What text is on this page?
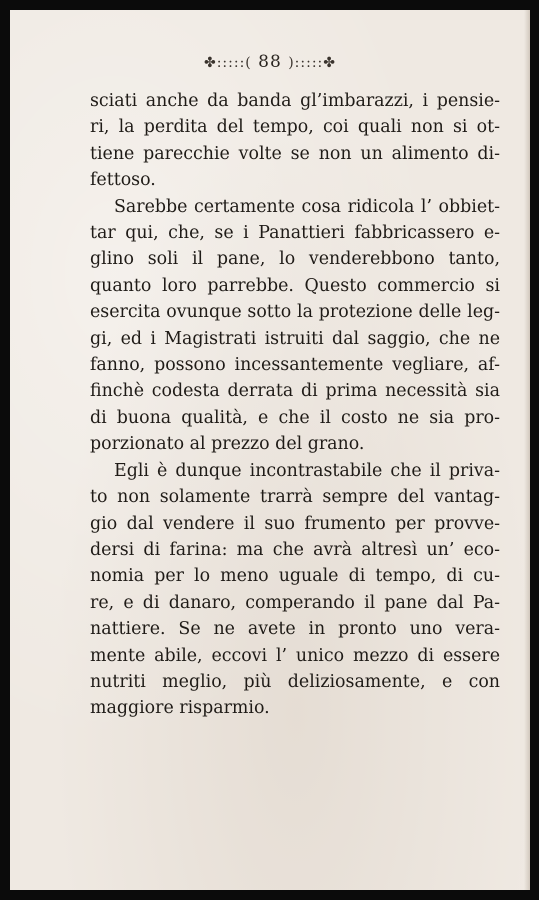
✤:::::( 88 ):::::✤
sciati anche da banda gl’imbarazzi, i pensie-
ri, la perdita del tempo, coi quali non si ot-
tiene parecchie volte se non un alimento di-
fettoso.
Sarebbe certamente cosa ridicola l’ obbiet-
tar qui, che, se i Panattieri fabbricassero e-
glino soli il pane, lo venderebbono tanto,
quanto loro parrebbe. Questo commercio si
esercita ovunque sotto la protezione delle leg-
gi, ed i Magistrati istruiti dal saggio, che ne
fanno, possono incessantemente vegliare, af-
finchè codesta derrata di prima necessità sia
di buona qualità, e che il costo ne sia pro-
porzionato al prezzo del grano.
Egli è dunque incontrastabile che il priva-
to non solamente trarrà sempre del vantag-
gio dal vendere il suo frumento per provve-
dersi di farina: ma che avrà altresì un’ eco-
nomia per lo meno uguale di tempo, di cu-
re, e di danaro, comperando il pane dal Pa-
nattiere. Se ne avete in pronto uno vera-
mente abile, eccovi l’ unico mezzo di essere
nutriti meglio, più deliziosamente, e con
maggiore risparmio.
